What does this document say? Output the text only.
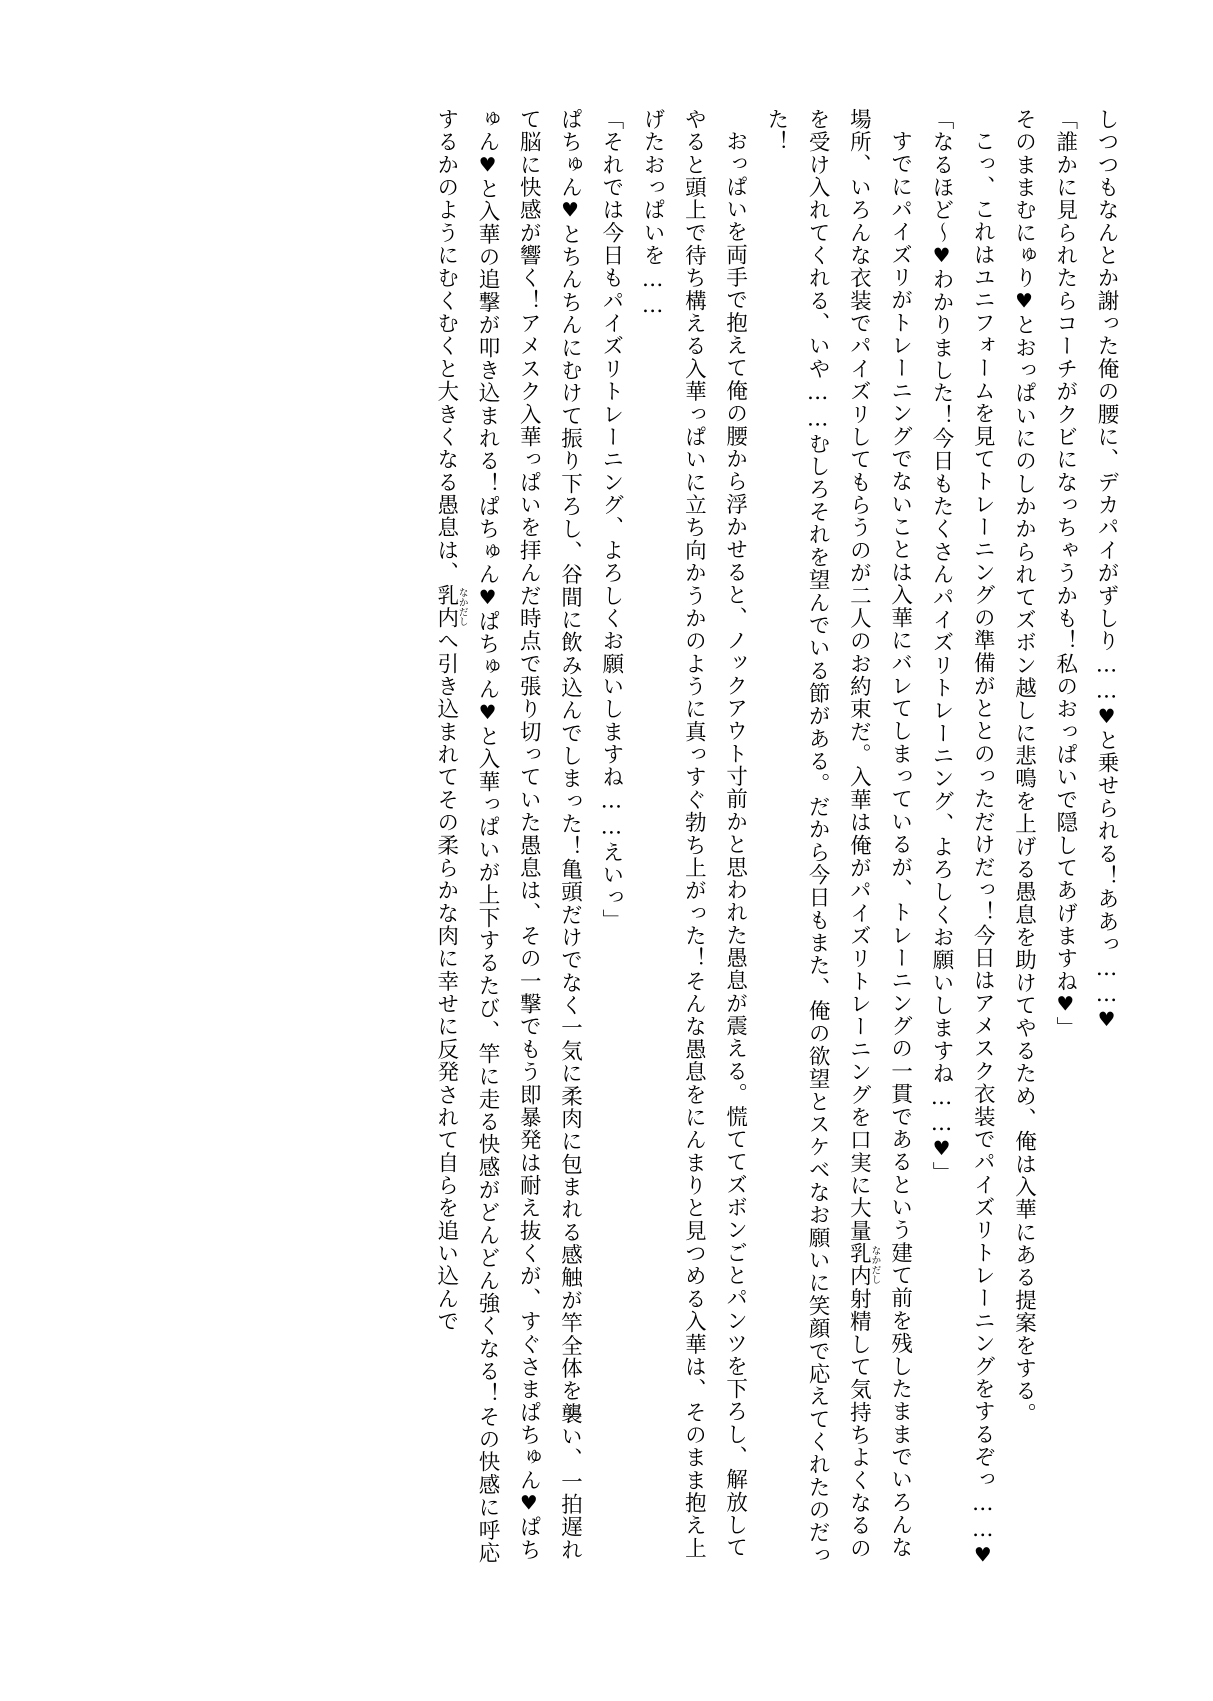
しつつもなんとか謝った俺の腰に、デカパイがずしり……♥と乗せられる！ああっ……♥

「誰かに見られたらコーチがクビになっちゃうかも！私のおっぱいで隠してあげますね♥」

そのままむにゅり♥とおっぱいにのしかかられてズボン越しに悲鳴を上げる愚息を助けてやるため、俺は入華にある提案をする。

こっ、これはユニフォームを見てトレーニングの準備がととのっただけだっ！今日はアメスク衣装でパイズリトレーニングをするぞっ……♥

「なるほど～♥わかりました！今日もたくさんパイズリトレーニング、よろしくお願いしますね……♥」

すでにパイズリがトレーニングでないことは入華にバレてしまっているが、トレーニングの一貫であるという建て前を残したままでいろんな場所、いろんな衣装でパイズリしてもらうのが二人のお約束だ。入華は俺がパイズリトレーニングを口実に大量乳内なかだし射精して気持ちよくなるのを受け入れてくれる、いや……むしろそれを望んでいる節がある。だから今日もまた、俺の欲望とスケベなお願いに笑顔で応えてくれたのだった！

おっぱいを両手で抱えて俺の腰から浮かせると、ノックアウト寸前かと思われた愚息が震える。慌ててズボンごとパンツを下ろし、解放してやると頭上で待ち構える入華っぱいに立ち向かうかのように真っすぐ勃ち上がった！そんな愚息をにんまりと見つめる入華は、そのまま抱え上げたおっぱいを……

「それでは今日もパイズリトレーニング、よろしくお願いしますね……えいっ」

ぱちゅん♥とちんちんにむけて振り下ろし、谷間に飲み込んでしまった！亀頭だけでなく一気に柔肉に包まれる感触が竿全体を襲い、一拍遅れて脳に快感が響く！アメスク入華っぱいを拝んだ時点で張り切っていた愚息は、その一撃でもう即暴発は耐え抜くが、すぐさまぱちゅん♥ぱちゅん♥と入華の追撃が叩き込まれる！ぱちゅん♥ぱちゅん♥と入華っぱいが上下するたび、竿に走る快感がどんどん強くなる！その快感に呼応するかのようにむくむくと大きくなる愚息は、乳内なかだしへ引き込まれてその柔らかな肉に幸せに反発されて自らを追い込んで
